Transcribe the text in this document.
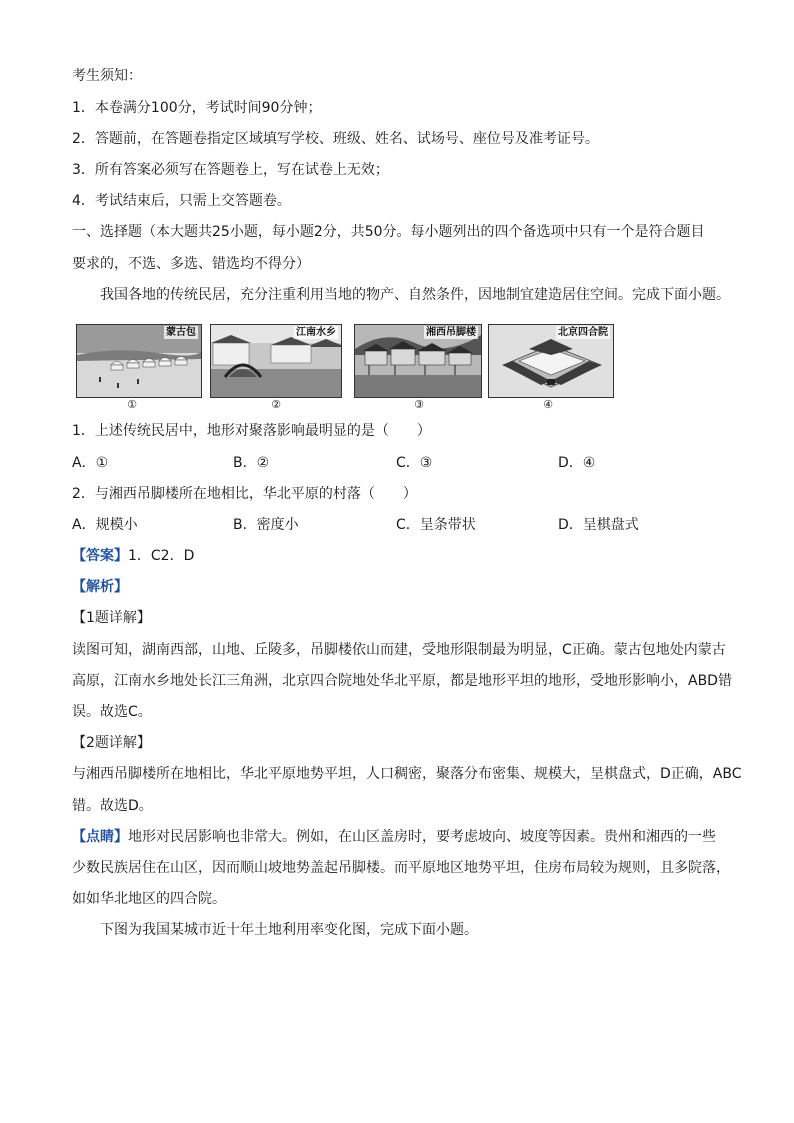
考生须知：
1．本卷满分100分，考试时间90分钟；
2．答题前，在答题卷指定区域填写学校、班级、姓名、试场号、座位号及准考证号。
3．所有答案必须写在答题卷上，写在试卷上无效；
4．考试结束后，只需上交答题卷。
一、选择题（本大题共25小题，每小题2分，共50分。每小题列出的四个备选项中只有一个是符合题目
要求的，不选、多选、错选均不得分）
我国各地的传统民居，充分注重利用当地的物产、自然条件，因地制宜建造居住空间。完成下面小题。
蒙古包
①
江南水乡
②
湘西吊脚楼
③
北京四合院
④
1．上述传统民居中，地形对聚落影响最明显的是（　　）
A．①	B．②	C．③	D．④
2．与湘西吊脚楼所在地相比，华北平原的村落（　　）
A．规模小	B．密度小	C．呈条带状	D．呈棋盘式
【答案】1．C2．D
【解析】
【1题详解】
读图可知，湖南西部，山地、丘陵多，吊脚楼依山而建，受地形限制最为明显，C正确。蒙古包地处内蒙古
高原，江南水乡地处长江三角洲，北京四合院地处华北平原，都是地形平坦的地形，受地形影响小，ABD错
误。故选C。
【2题详解】
与湘西吊脚楼所在地相比，华北平原地势平坦，人口稠密，聚落分布密集、规模大，呈棋盘式，D正确，ABC
错。故选D。
【点睛】地形对民居影响也非常大。例如，在山区盖房时，要考虑坡向、坡度等因素。贵州和湘西的一些
少数民族居住在山区，因而顺山坡地势盖起吊脚楼。而平原地区地势平坦，住房布局较为规则，且多院落，
如如华北地区的四合院。
下图为我国某城市近十年土地利用率变化图，完成下面小题。
